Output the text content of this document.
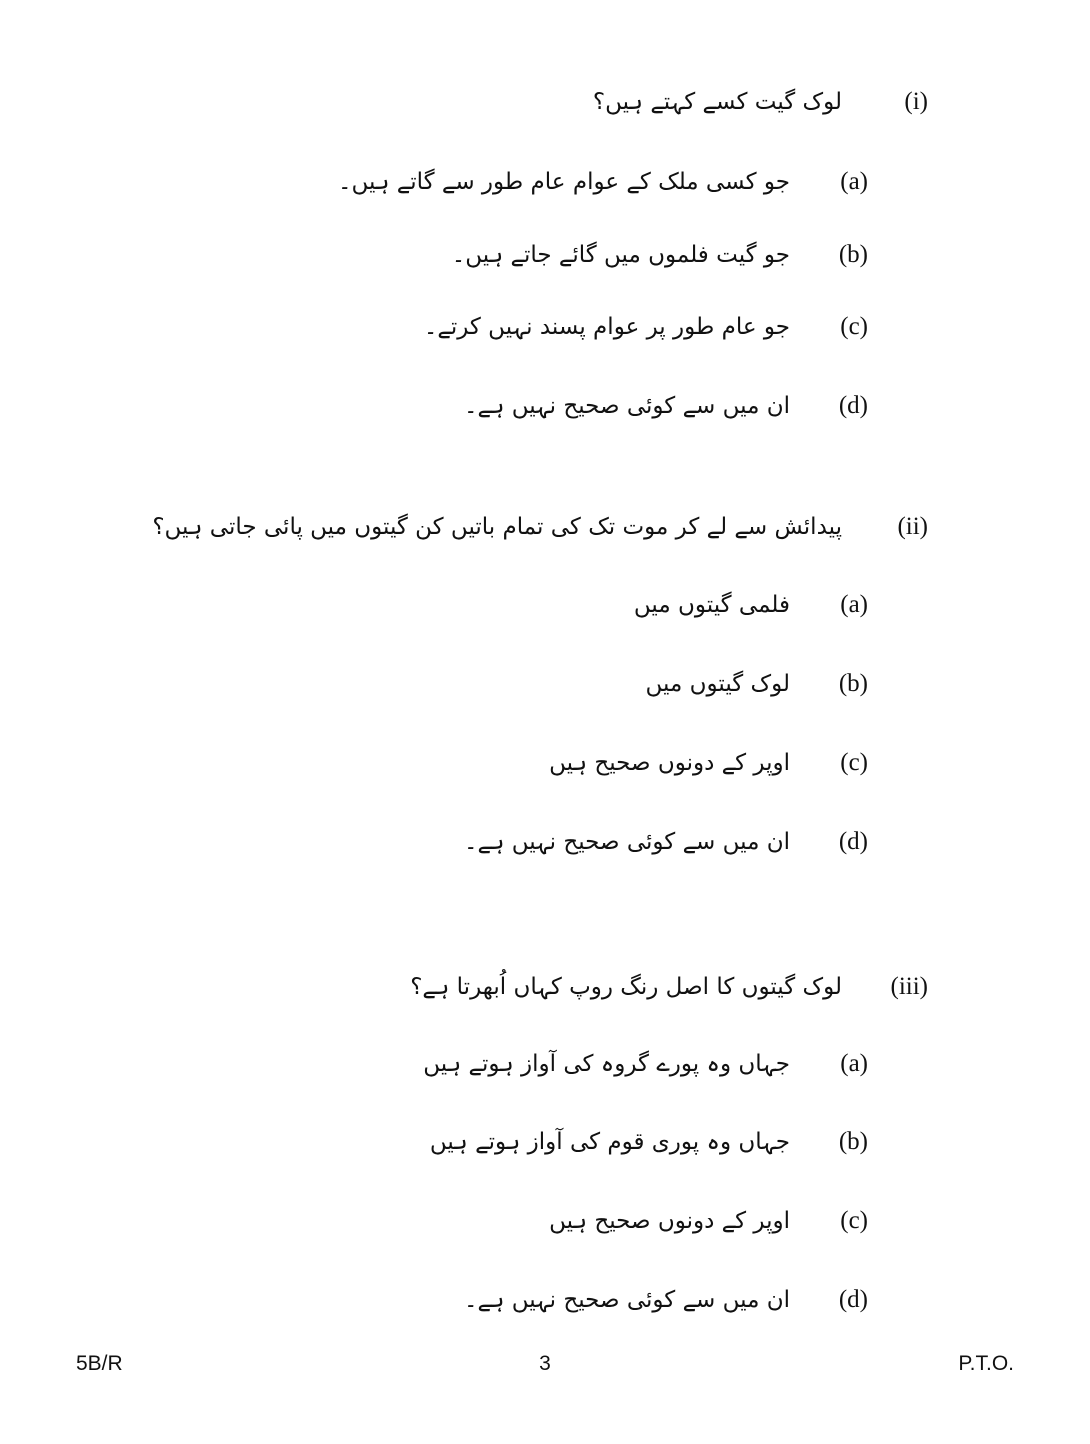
(i)
لوک گیت کسے کہتے ہیں؟
(a)
جو کسی ملک کے عوام عام طور سے گاتے ہیں۔
(b)
جو گیت فلموں میں گائے جاتے ہیں۔
(c)
جو عام طور پر عوام پسند نہیں کرتے۔
(d)
ان میں سے کوئی صحیح نہیں ہے۔
(ii)
پیدائش سے لے کر موت تک کی تمام باتیں کن گیتوں میں پائی جاتی ہیں؟
(a)
فلمی گیتوں میں
(b)
لوک گیتوں میں
(c)
اوپر کے دونوں صحیح ہیں
(d)
ان میں سے کوئی صحیح نہیں ہے۔
(iii)
لوک گیتوں کا اصل رنگ روپ کہاں اُبھرتا ہے؟
(a)
جہاں وہ پورے گروہ کی آواز ہوتے ہیں
(b)
جہاں وہ پوری قوم کی آواز ہوتے ہیں
(c)
اوپر کے دونوں صحیح ہیں
(d)
ان میں سے کوئی صحیح نہیں ہے۔
5B/R	3	P.T.O.
